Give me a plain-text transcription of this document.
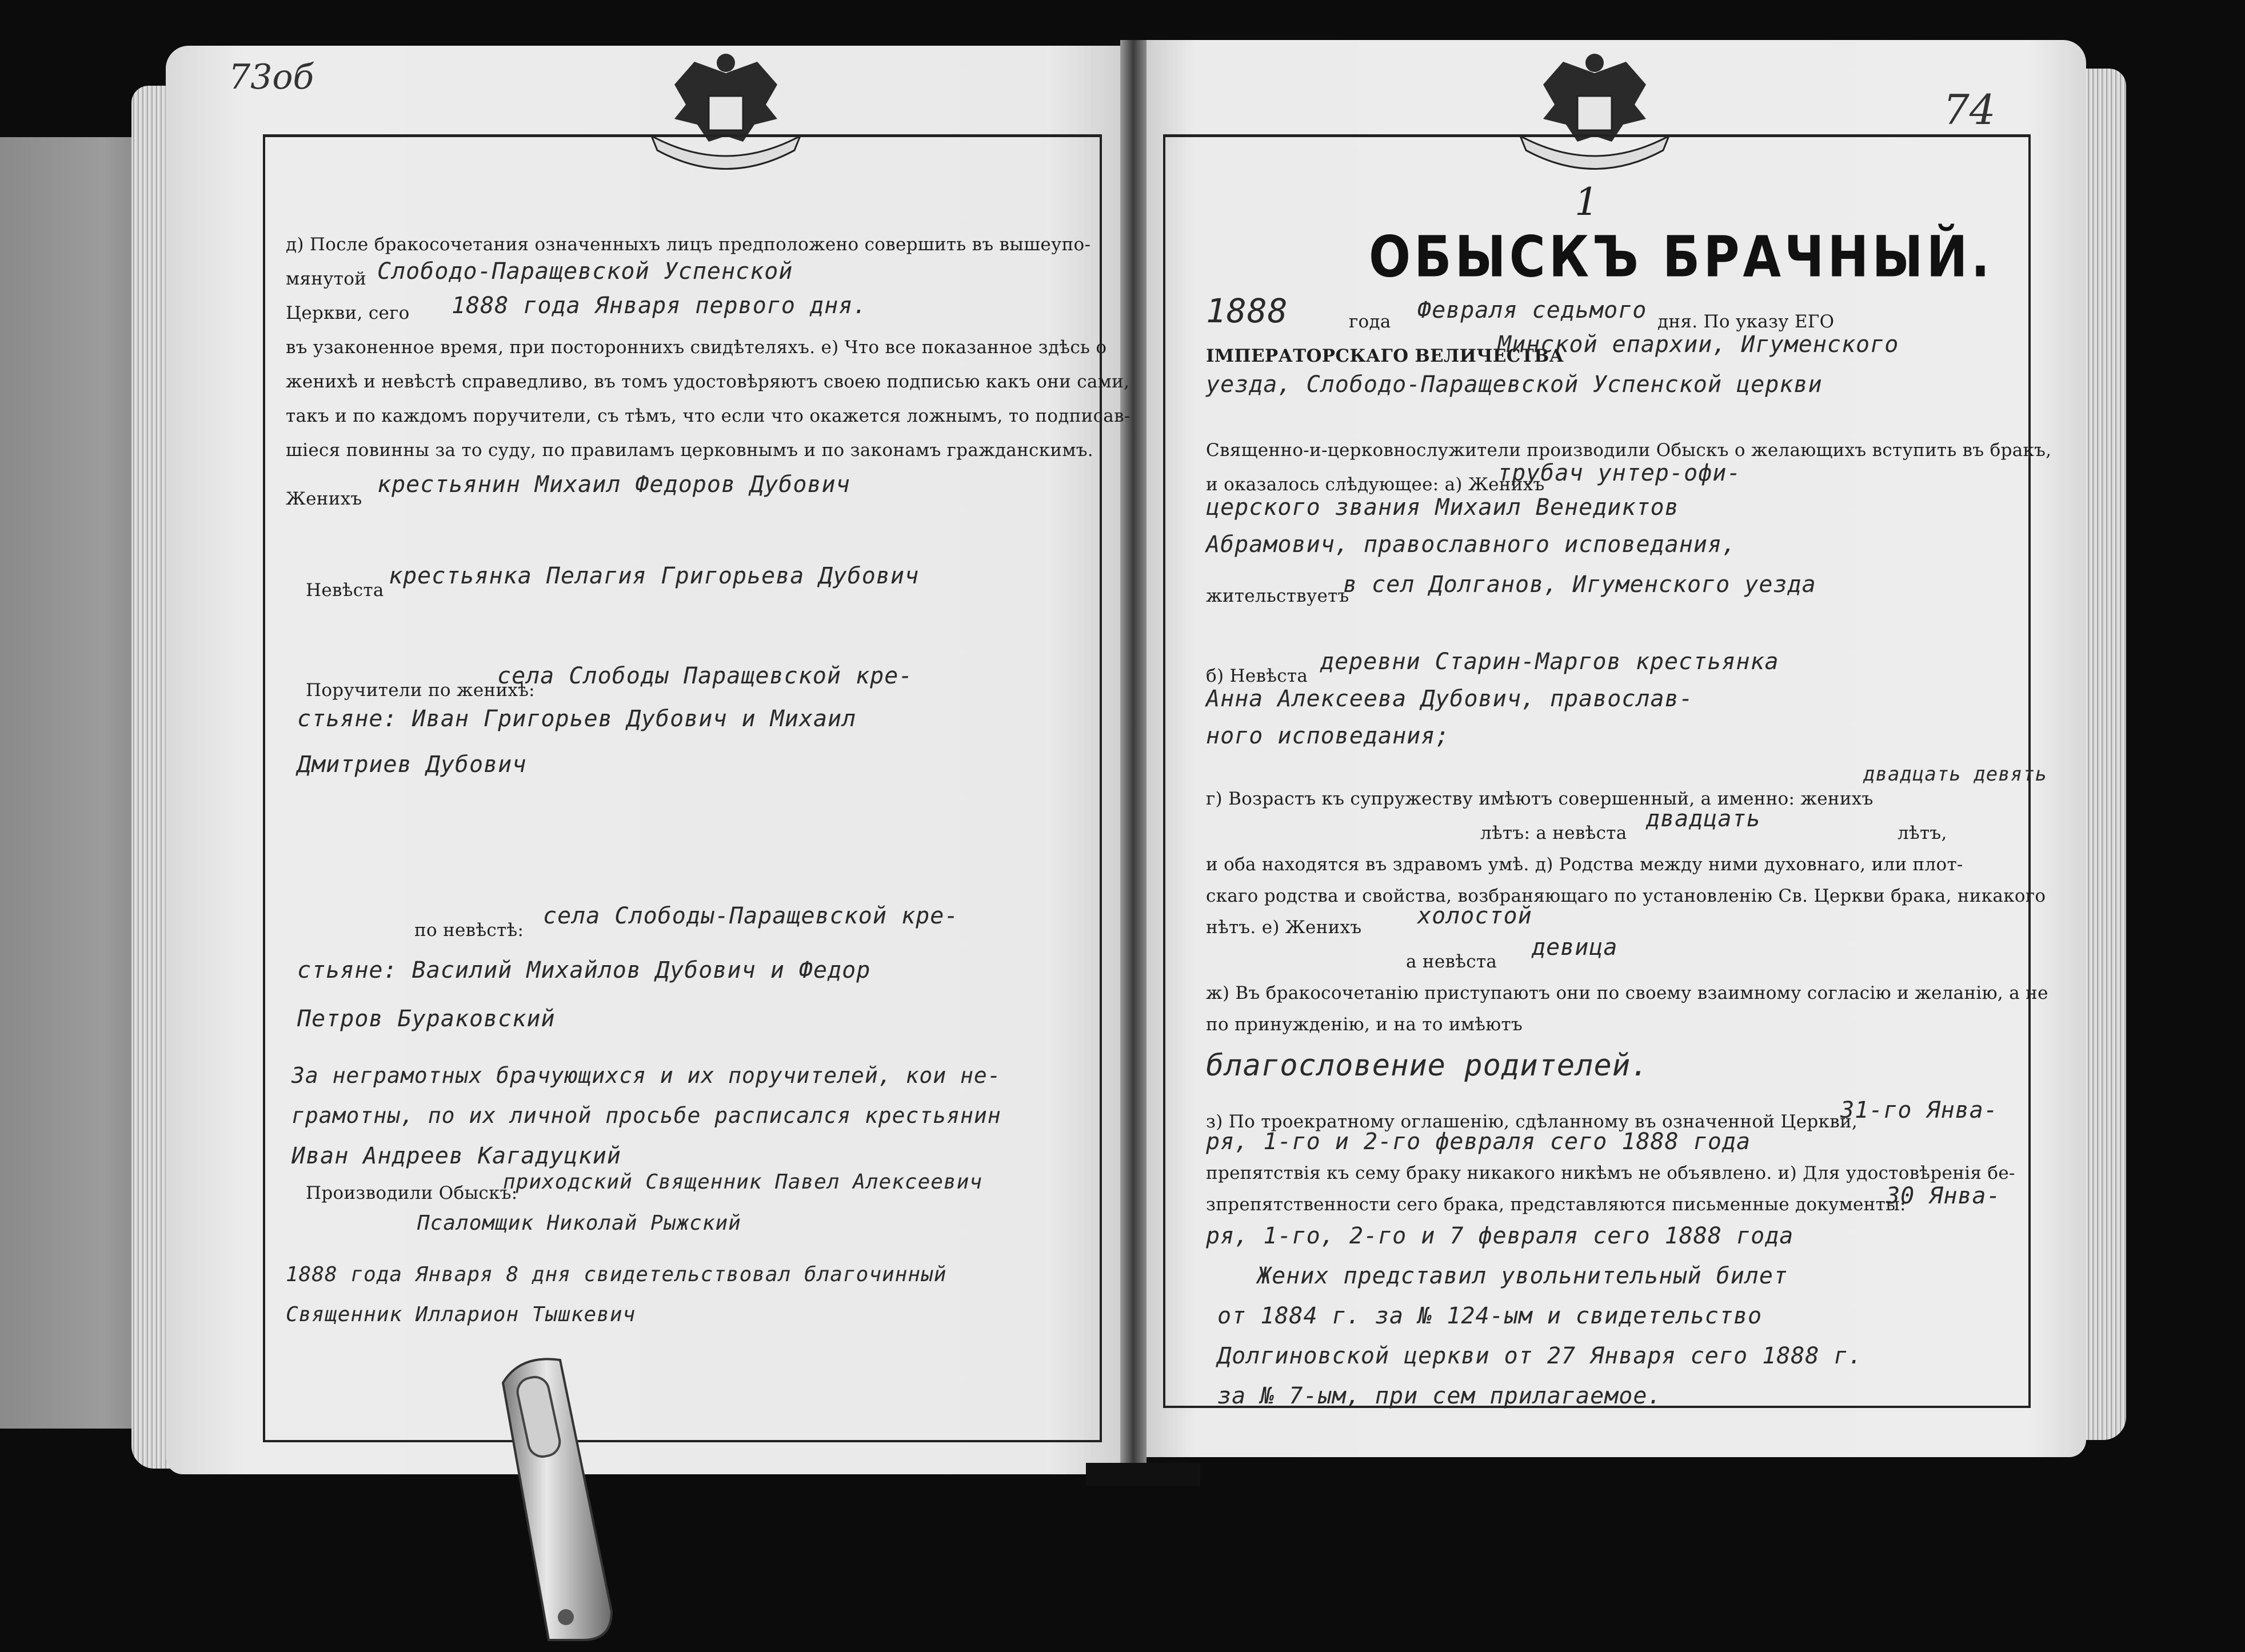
73об
74
д) После бракосочетания означенныхъ лицъ предположено совершить въ вышеупо-
мянутой Слободо-Паращевской Успенской
Церкви, сего 1888 года Января первого дня.
въ узаконенное время, при постороннихъ свидѣтеляхъ. е) Что все показанное здѣсь о
женихѣ и невѣстѣ справедливо, въ томъ удостовѣряютъ своею подписью какъ они сами,
такъ и по каждомъ поручители, съ тѣмъ, что если что окажется ложнымъ, то подписав-
шіеся повинны за то суду, по правиламъ церковнымъ и по законамъ гражданскимъ.
Женихъ
крестьянин Михаил Федоров Дубович
Невѣста
крестьянка Пелагия Григорьева Дубович
Поручители по женихѣ:
села Слободы Паращевской кре-
стьяне: Иван Григорьев Дубович и Михаил
Дмитриев Дубович
по невѣстѣ:
села Слободы-Паращевской кре-
стьяне: Василий Михайлов Дубович и Федор
Петров Бураковский
За неграмотных брачующихся и их поручителей, кои не-
грамотны, по их личной просьбе расписался крестьянин
Иван Андреев Кагадуцкий
Производили Обыскъ:
приходский Священник Павел Алексеевич
Псаломщик Николай Рыжский
1888 года Января 8 дня свидетельствовал благочинный
Священник Илларион Тышкевич
1
ОБЫСКЪ БРАЧНЫЙ.
1888	года Февраля седьмого дня. По указу ЕГО
ІМПЕРАТОРСКАГО ВЕЛИЧЕСТВА
Минской епархии, Игуменского
уезда, Слободо-Паращевской Успенской церкви
Священно-и-церковнослужители производили Обыскъ о желающихъ вступить въ бракъ,
и оказалось слѣдующее: а) Женихъ
трубач унтер-офи-
церского звания Михаил Венедиктов
Абрамович, православного исповедания,
жительствуетъ
в сел Долганов, Игуменского уезда
б) Невѣста
деревни Старин-Маргов крестьянка
Анна Алексеева Дубович, православ-
ного исповедания;
г) Возрастъ къ супружеству имѣютъ совершенный, а именно: женихъ
двадцать девять
лѣтъ: а невѣста
двадцать
лѣтъ,
и оба находятся въ здравомъ умѣ. д) Родства между ними духовнаго, или плот-
скаго родства и свойства, возбраняющаго по установленію Св. Церкви брака, никакого
нѣтъ. е) Женихъ холостой
а невѣста
девица
ж) Въ бракосочетанію приступаютъ они по своему взаимному согласію и желанію, а не
по принужденію, и на то имѣютъ
благословение родителей.
з) По троекратному оглашенію, сдѣланному въ означенной Церкви,
31-го Янва-
ря, 1-го и 2-го февраля сего 1888 года
препятствія къ сему браку никакого никѣмъ не объявлено. и) Для удостовѣренія бе-
зпрепятственности сего брака, представляются письменные документы:
30 Янва-
ря, 1-го, 2-го и 7 февраля сего 1888 года
Жених представил увольнительный билет
от 1884 г. за № 124-ым и свидетельство
Долгиновской церкви от 27 Января сего 1888 г.
за № 7-ым, при сем прилагаемое.
